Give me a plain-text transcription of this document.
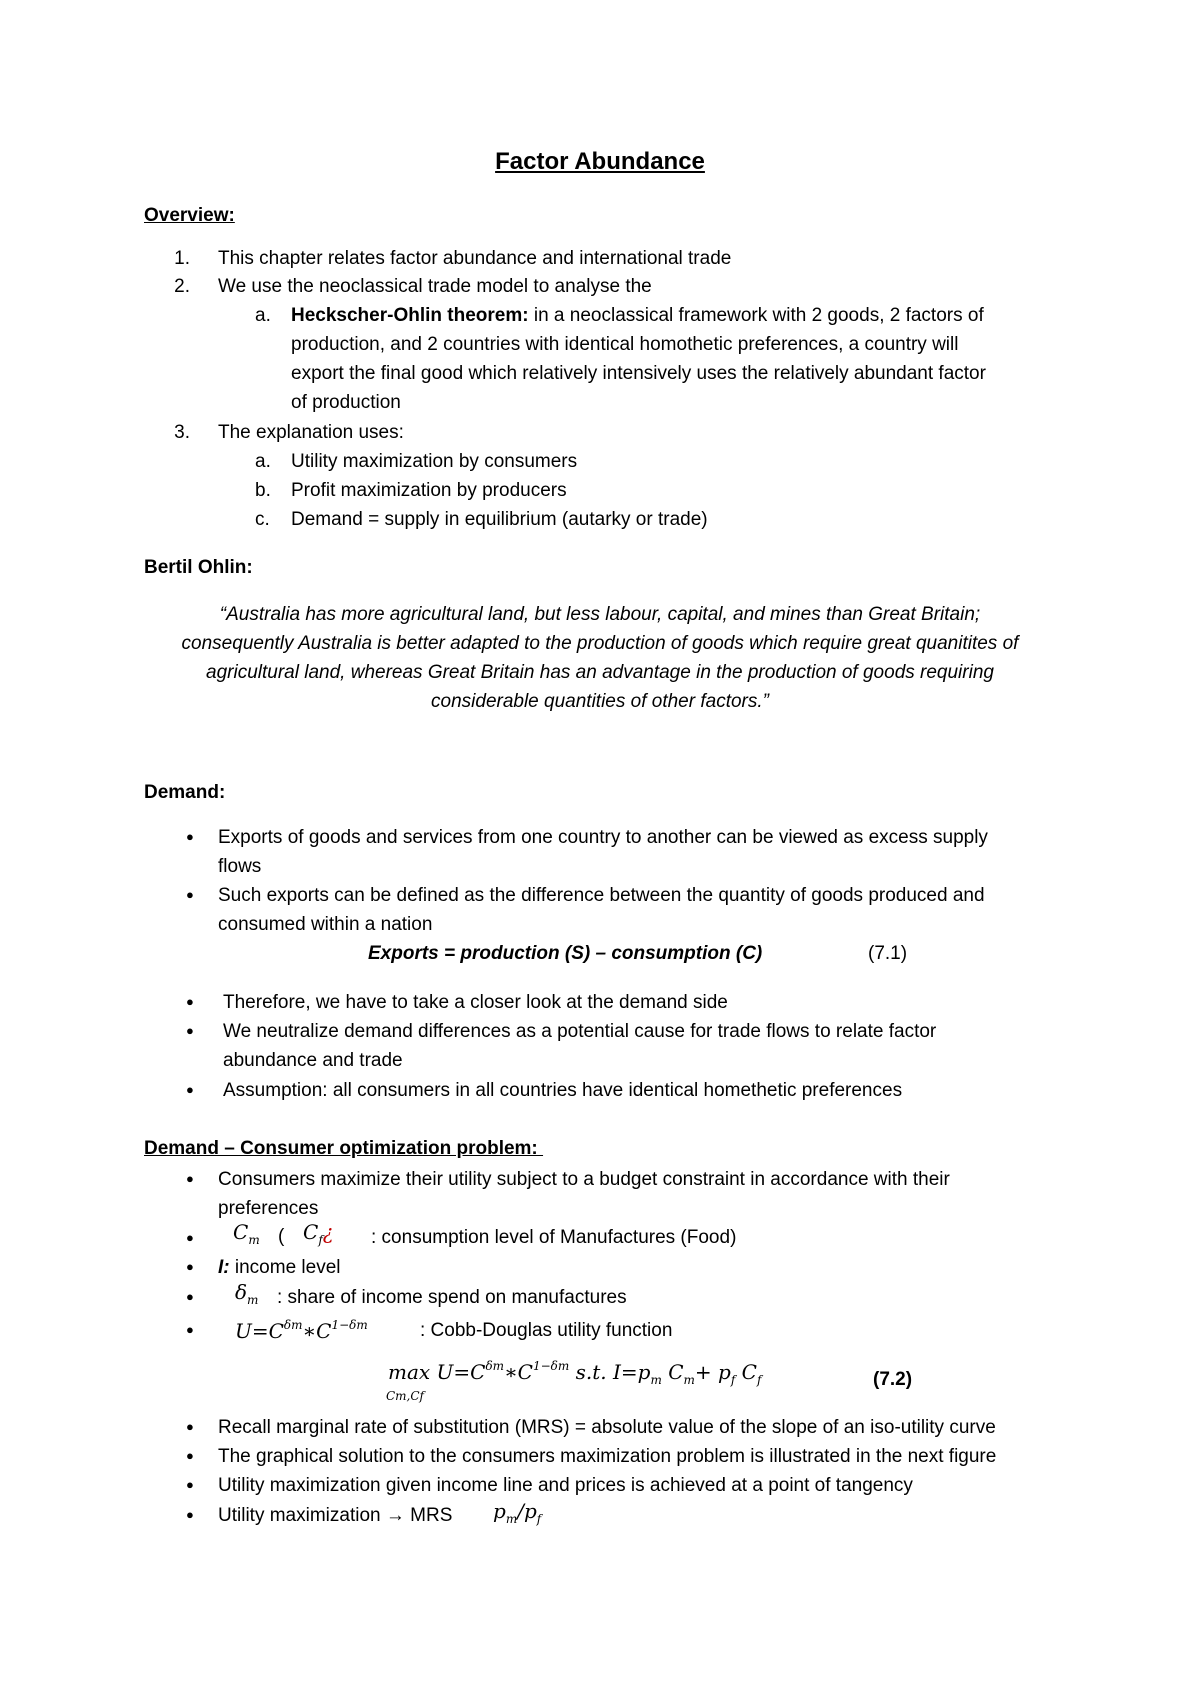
Factor Abundance
Overview:
1. This chapter relates factor abundance and international trade
2. We use the neoclassical trade model to analyse the
a. Heckscher-Ohlin theorem: in a neoclassical framework with 2 goods, 2 factors of
production, and 2 countries with identical homothetic preferences, a country will
export the final good which relatively intensively uses the relatively abundant factor
of production
3. The explanation uses:
a. Utility maximization by consumers
b. Profit maximization by producers
c. Demand = supply in equilibrium (autarky or trade)
Bertil Ohlin:
“Australia has more agricultural land, but less labour, capital, and mines than Great Britain;
consequently Australia is better adapted to the production of goods which require great quanitites of
agricultural land, whereas Great Britain has an advantage in the production of goods requiring
considerable quantities of other factors.”
Demand:
● Exports of goods and services from one country to another can be viewed as excess supply
flows
● Such exports can be defined as the difference between the quantity of goods produced and
consumed within a nation
Exports = production (S) – consumption (C)	(7.1)
● Therefore, we have to take a closer look at the demand side
● We neutralize demand differences as a potential cause for trade flows to relate factor
abundance and trade
● Assumption: all consumers in all countries have identical homethetic preferences
Demand – Consumer optimization problem:
● Consumers maximize their utility subject to a budget constraint in accordance with their
preferences
● $C_m$ ( $C_f¿$ : consumption level of Manufactures (Food)
● I: income level
● $\delta_m$ : share of income spend on manufactures
● $U=C^{\delta m}∗C^{1-\delta m}$	: Cobb-Douglas utility function
$\max U=C^{\delta m}∗C^{1-\delta m}$ s.t. $I=p_m$ $C_m+ p_f$ $C_f$
Cm,Cf
(7.2)
● Recall marginal rate of substitution (MRS) = absolute value of the slope of an iso-utility curve
● The graphical solution to the consumers maximization problem is illustrated in the next figure
● Utility maximization given income line and prices is achieved at a point of tangency
● Utility maximization → MRS $p_m/p_f$
